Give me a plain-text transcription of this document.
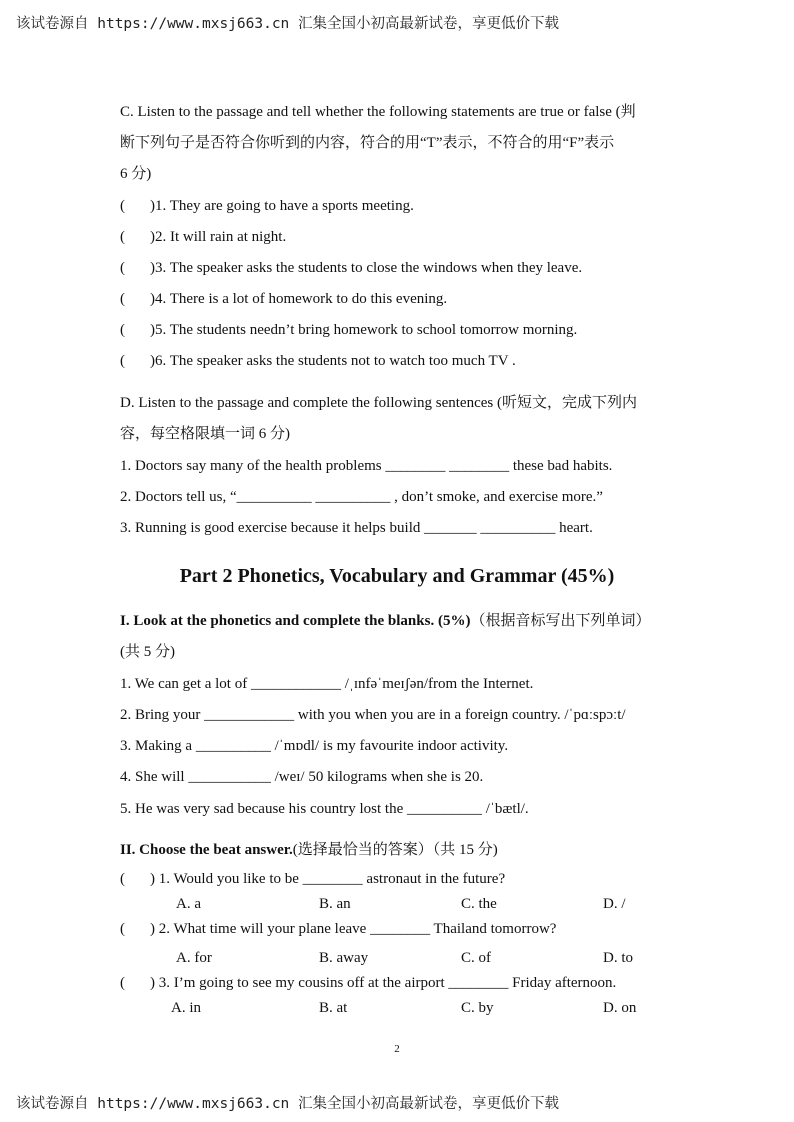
该试卷源自 https://www.mxsj663.cn 汇集全国小初高最新试卷，享更低价下载
C. Listen to the passage and tell whether the following statements are true or false (判
断下列句子是否符合你听到的内容，符合的用“T”表示，不符合的用“F”表示
6 分)
( )1. They are going to have a sports meeting.
( )2. It will rain at night.
( )3. The speaker asks the students to close the windows when they leave.
( )4. There is a lot of homework to do this evening.
( )5. The students needn’t bring homework to school tomorrow morning.
( )6. The speaker asks the students not to watch too much TV .
D. Listen to the passage and complete the following sentences (听短文，完成下列内
容，每空格限填一词 6 分)
1. Doctors say many of the health problems ________ ________ these bad habits.
2. Doctors tell us, “__________ __________ , don’t smoke, and exercise more.”
3. Running is good exercise because it helps build _______ __________ heart.
Part 2 Phonetics, Vocabulary and Grammar (45%)
I. Look at the phonetics and complete the blanks. (5%)（根据音标写出下列单词）
(共 5 分)
1. We can get a lot of ____________ /ˌɪnfəˈmeɪʃən/from the Internet.
2. Bring your ____________ with you when you are in a foreign country. /ˈpɑːspɔːt/
3. Making a __________ /ˈmɒdl/ is my favourite indoor activity.
4. She will ___________ /weɪ/ 50 kilograms when she is 20.
5. He was very sad because his country lost the __________ /ˈbætl/.
II. Choose the beat answer.(选择最恰当的答案）（共 15 分)
( ) 1. Would you like to be ________ astronaut in the future?
A. a	B. an	C. the	D. /
( ) 2. What time will your plane leave ________ Thailand tomorrow?
A. for	B. away	C. of	D. to
( ) 3. I’m going to see my cousins off at the airport ________ Friday afternoon.
A. in	B. at	C. by	D. on
2
该试卷源自 https://www.mxsj663.cn 汇集全国小初高最新试卷，享更低价下载
